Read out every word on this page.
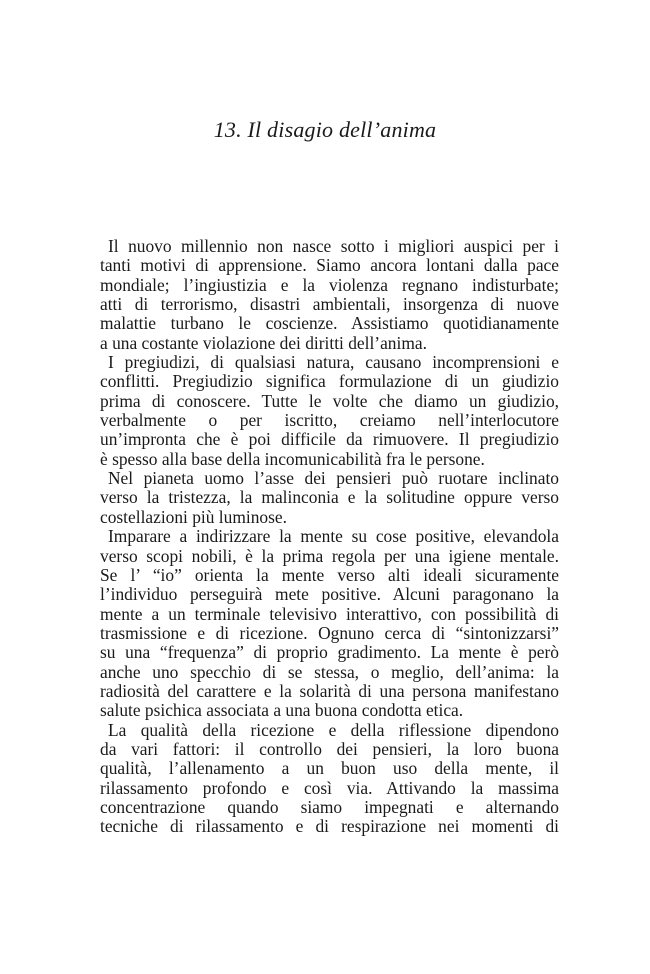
13. Il disagio dell’anima

Il nuovo millennio non nasce sotto i migliori auspici per i
tanti motivi di apprensione. Siamo ancora lontani dalla pace
mondiale; l’ingiustizia e la violenza regnano indisturbate;
atti di terrorismo, disastri ambientali, insorgenza di nuove
malattie turbano le coscienze. Assistiamo quotidianamente
a una costante violazione dei diritti dell’anima.

I pregiudizi, di qualsiasi natura, causano incomprensioni e
conflitti. Pregiudizio significa formulazione di un giudizio
prima di conoscere. Tutte le volte che diamo un giudizio,
verbalmente o per iscritto, creiamo nell’interlocutore
un’impronta che è poi difficile da rimuovere. Il pregiudizio
è spesso alla base della incomunicabilità fra le persone.

Nel pianeta uomo l’asse dei pensieri può ruotare inclinato
verso la tristezza, la malinconia e la solitudine oppure verso
costellazioni più luminose.

Imparare a indirizzare la mente su cose positive, elevandola
verso scopi nobili, è la prima regola per una igiene mentale.
Se l’ “io” orienta la mente verso alti ideali sicuramente
l’individuo perseguirà mete positive. Alcuni paragonano la
mente a un terminale televisivo interattivo, con possibilità di
trasmissione e di ricezione. Ognuno cerca di “sintonizzarsi”
su una “frequenza” di proprio gradimento. La mente è però
anche uno specchio di se stessa, o meglio, dell’anima: la
radiosità del carattere e la solarità di una persona manifestano
salute psichica associata a una buona condotta etica.

La qualità della ricezione e della riflessione dipendono
da vari fattori: il controllo dei pensieri, la loro buona
qualità, l’allenamento a un buon uso della mente, il
rilassamento profondo e così via. Attivando la massima
concentrazione quando siamo impegnati e alternando
tecniche di rilassamento e di respirazione nei momenti di
